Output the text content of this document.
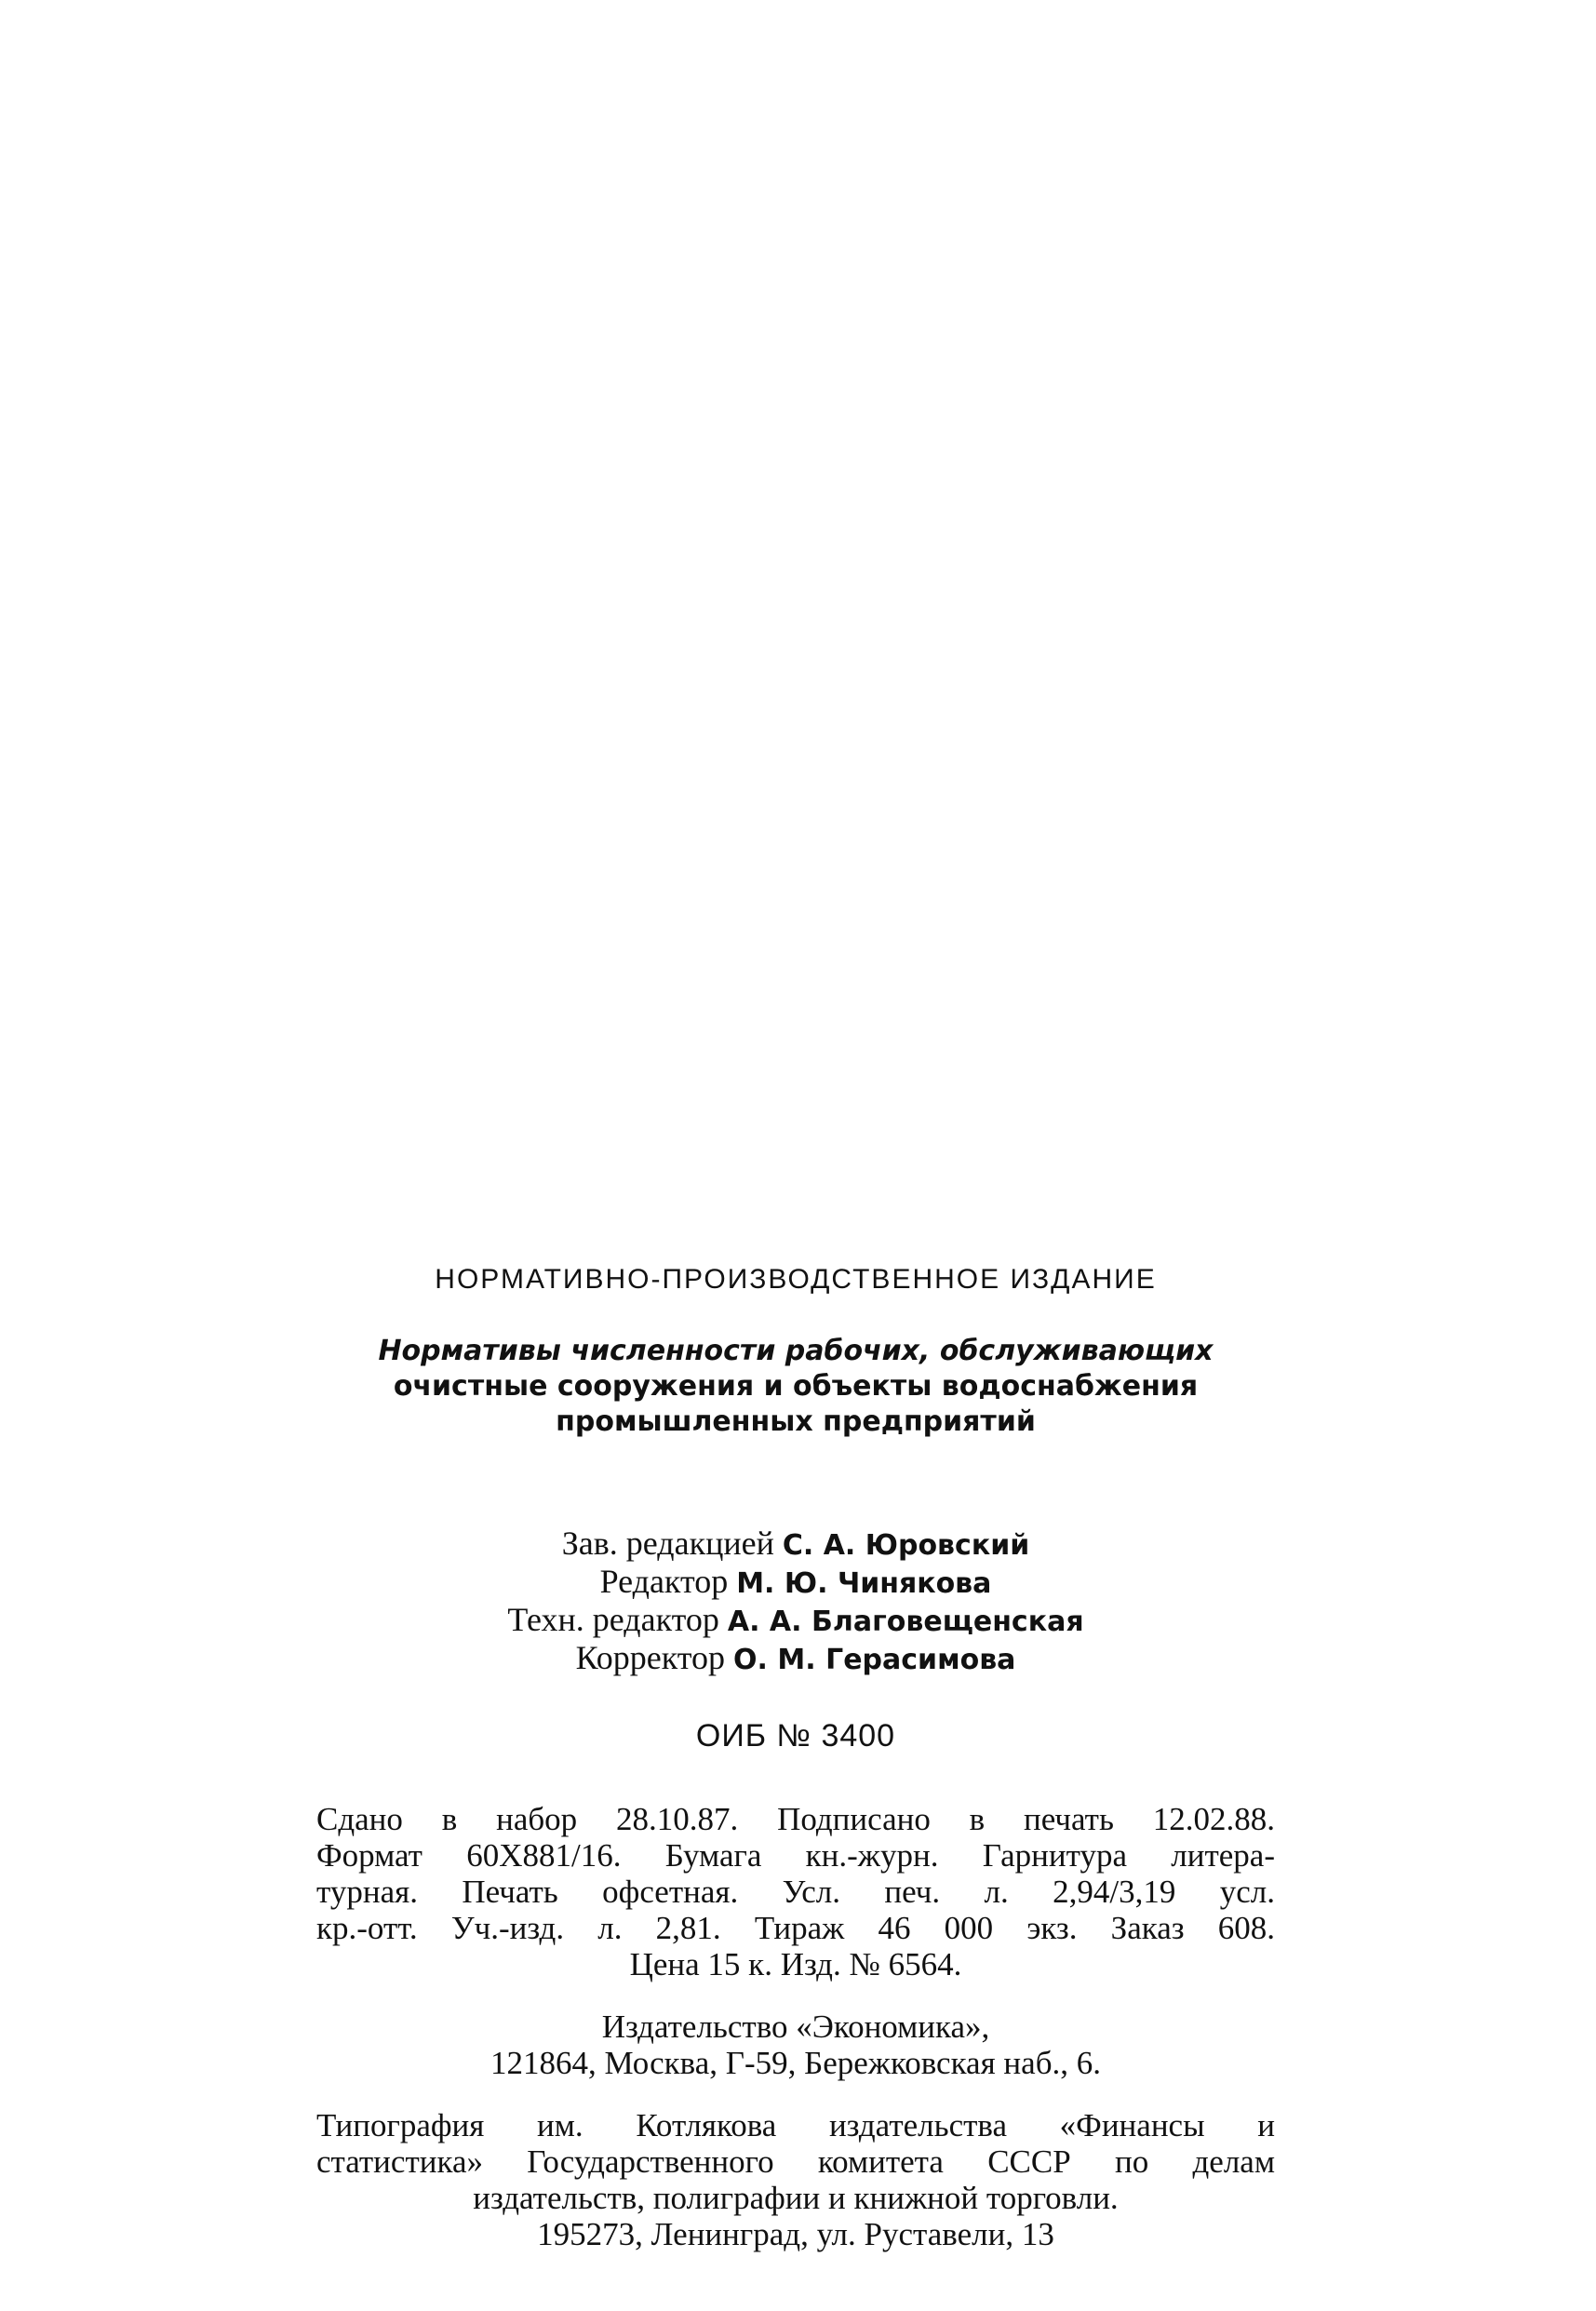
НОРМАТИВНО-ПРОИЗВОДСТВЕННОЕ ИЗДАНИЕ
Нормативы численности рабочих, обслуживающих
очистные сооружения и объекты водоснабжения
промышленных предприятий
Зав. редакцией С. А. Юровский
Редактор М. Ю. Чинякова
Техн. редактор А. А. Благовещенская
Корректор О. М. Герасимова
ОИБ № 3400
Сдано в набор 28.10.87. Подписано в печать 12.02.88.
Формат 60Х881/16. Бумага кн.-журн. Гарнитура литера-
турная. Печать офсетная. Усл. печ. л. 2,94/3,19 усл.
кр.-отт. Уч.-изд. л. 2,81. Тираж 46 000 экз. Заказ 608.
Цена 15 к. Изд. № 6564.
Издательство «Экономика»,
121864, Москва, Г-59, Бережковская наб., 6.
Типография им. Котлякова издательства «Финансы и
статистика» Государственного комитета СССР по делам
издательств, полиграфии и книжной торговли.
195273, Ленинград, ул. Руставели, 13
